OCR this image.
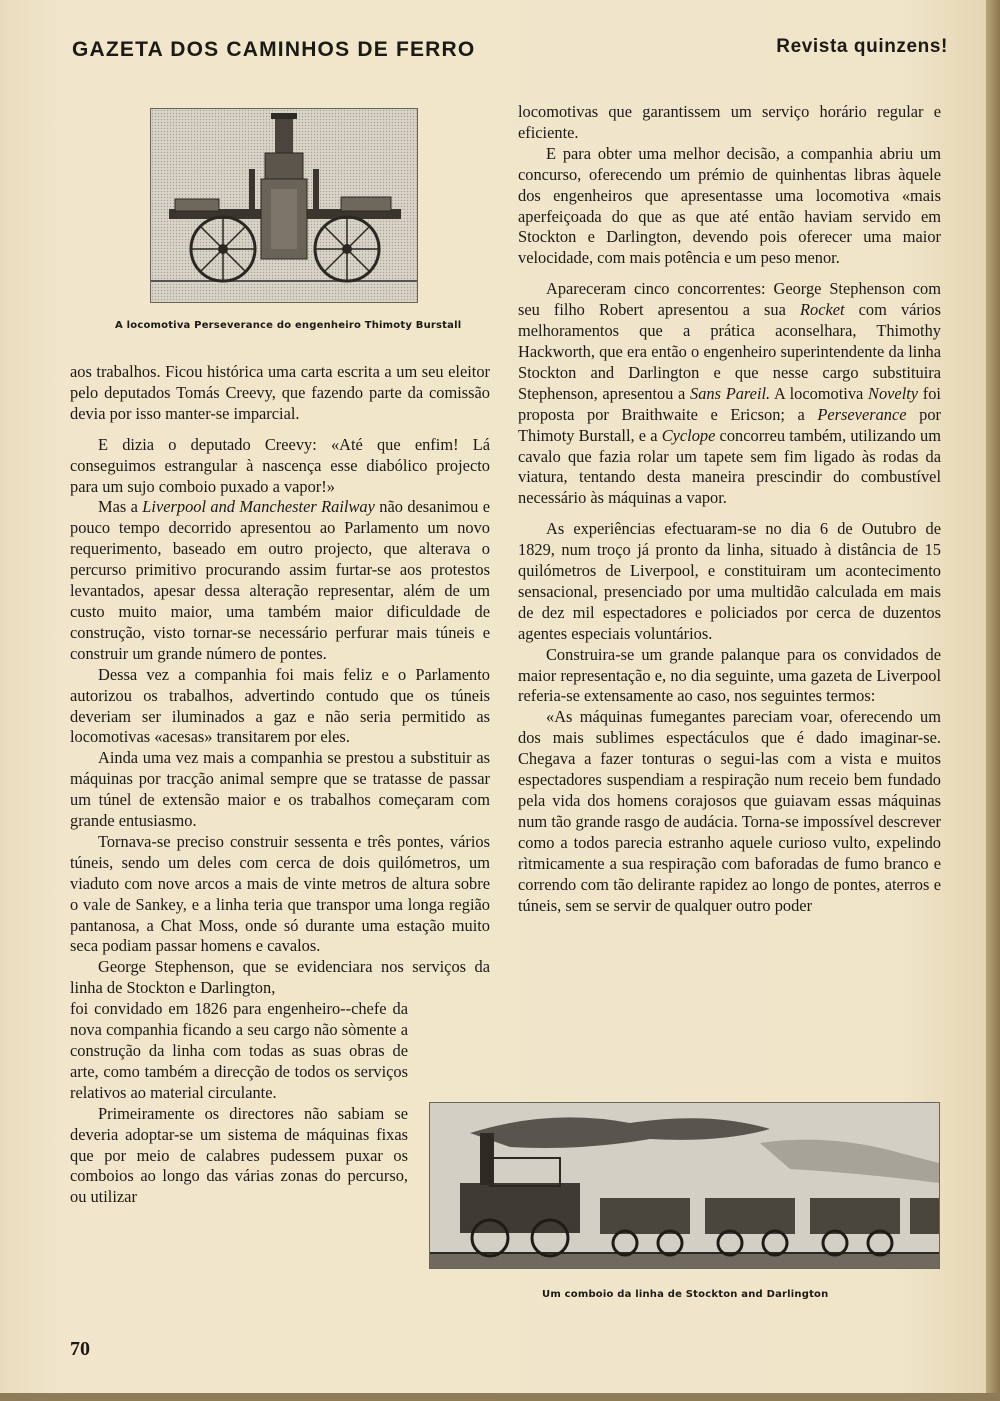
GAZETA DOS CAMINHOS DE FERRO	Revista quinzens!
A locomotiva Perseverance do engenheiro Thimoty Burstall

aos trabalhos. Ficou histórica uma carta escrita a um seu eleitor pelo deputados Tomás Creevy, que fazendo parte da comissão devia por isso manter-se imparcial.

E dizia o deputado Creevy: «Até que enfim! Lá conseguimos estrangular à nascença esse diabólico projecto para um sujo comboio puxado a vapor!»

Mas a Liverpool and Manchester Railway não desanimou e pouco tempo decorrido apresentou ao Parlamento um novo requerimento, baseado em outro projecto, que alterava o percurso primitivo procurando assim furtar-se aos protestos levantados, apesar dessa alteração representar, além de um custo muito maior, uma também maior dificuldade de construção, visto tornar-se necessário perfurar mais túneis e construir um grande número de pontes.

Dessa vez a companhia foi mais feliz e o Parlamento autorizou os trabalhos, advertindo contudo que os túneis deveriam ser iluminados a gaz e não seria permitido as locomotivas «acesas» transitarem por eles.

Ainda uma vez mais a companhia se prestou a substituir as máquinas por tracção animal sempre que se tratasse de passar um túnel de extensão maior e os trabalhos começaram com grande entusiasmo.

Tornava-se preciso construir sessenta e três pontes, vários túneis, sendo um deles com cerca de dois quilómetros, um viaduto com nove arcos a mais de vinte metros de altura sobre o vale de Sankey, e a linha teria que transpor uma longa região pantanosa, a Chat Moss, onde só durante uma estação muito seca podiam passar homens e cavalos.

George Stephenson, que se evidenciara nos serviços da linha de Stockton e Darlington,

foi convidado em 1826 para engenheiro--chefe da nova companhia ficando a seu cargo não sòmente a construção da linha com todas as suas obras de arte, como também a direcção de todos os serviços relativos ao material circulante.

Primeiramente os directores não sabiam se deveria adoptar-se um sistema de máquinas fixas que por meio de calabres pudessem puxar os comboios ao longo das várias zonas do percurso, ou utilizar

locomotivas que garantissem um serviço horário regular e eficiente.

E para obter uma melhor decisão, a companhia abriu um concurso, oferecendo um prémio de quinhentas libras àquele dos engenheiros que apresentasse uma locomotiva «mais aperfeiçoada do que as que até então haviam servido em Stockton e Darlington, devendo pois oferecer uma maior velocidade, com mais potência e um peso menor.

Apareceram cinco concorrentes: George Stephenson com seu filho Robert apresentou a sua Rocket com vários melhoramentos que a prática aconselhara, Thimothy Hackworth, que era então o engenheiro superintendente da linha Stockton and Darlington e que nesse cargo substituira Stephenson, apresentou a Sans Pareil. A locomotiva Novelty foi proposta por Braithwaite e Ericson; a Perseverance por Thimoty Burstall, e a Cyclope concorreu também, utilizando um cavalo que fazia rolar um tapete sem fim ligado às rodas da viatura, tentando desta maneira prescindir do combustível necessário às máquinas a vapor.

As experiências efectuaram-se no dia 6 de Outubro de 1829, num troço já pronto da linha, situado à distância de 15 quilómetros de Liverpool, e constituiram um acontecimento sensacional, presenciado por uma multidão calculada em mais de dez mil espectadores e policiados por cerca de duzentos agentes especiais voluntários.

Construira-se um grande palanque para os convidados de maior representação e, no dia seguinte, uma gazeta de Liverpool referia-se extensamente ao caso, nos seguintes termos:

«As máquinas fumegantes pareciam voar, oferecendo um dos mais sublimes espectáculos que é dado imaginar-se. Chegava a fazer tonturas o segui-las com a vista e muitos espectadores suspendiam a respiração num receio bem fundado pela vida dos homens corajosos que guiavam essas máquinas num tão grande rasgo de audácia. Torna-se impossível descrever como a todos parecia estranho aquele curioso vulto, expelindo rìtmicamente a sua respiração com baforadas de fumo branco e correndo com tão delirante rapidez ao longo de pontes, aterros e túneis, sem se servir de qualquer outro poder

Um comboio da linha de Stockton and Darlington
70
